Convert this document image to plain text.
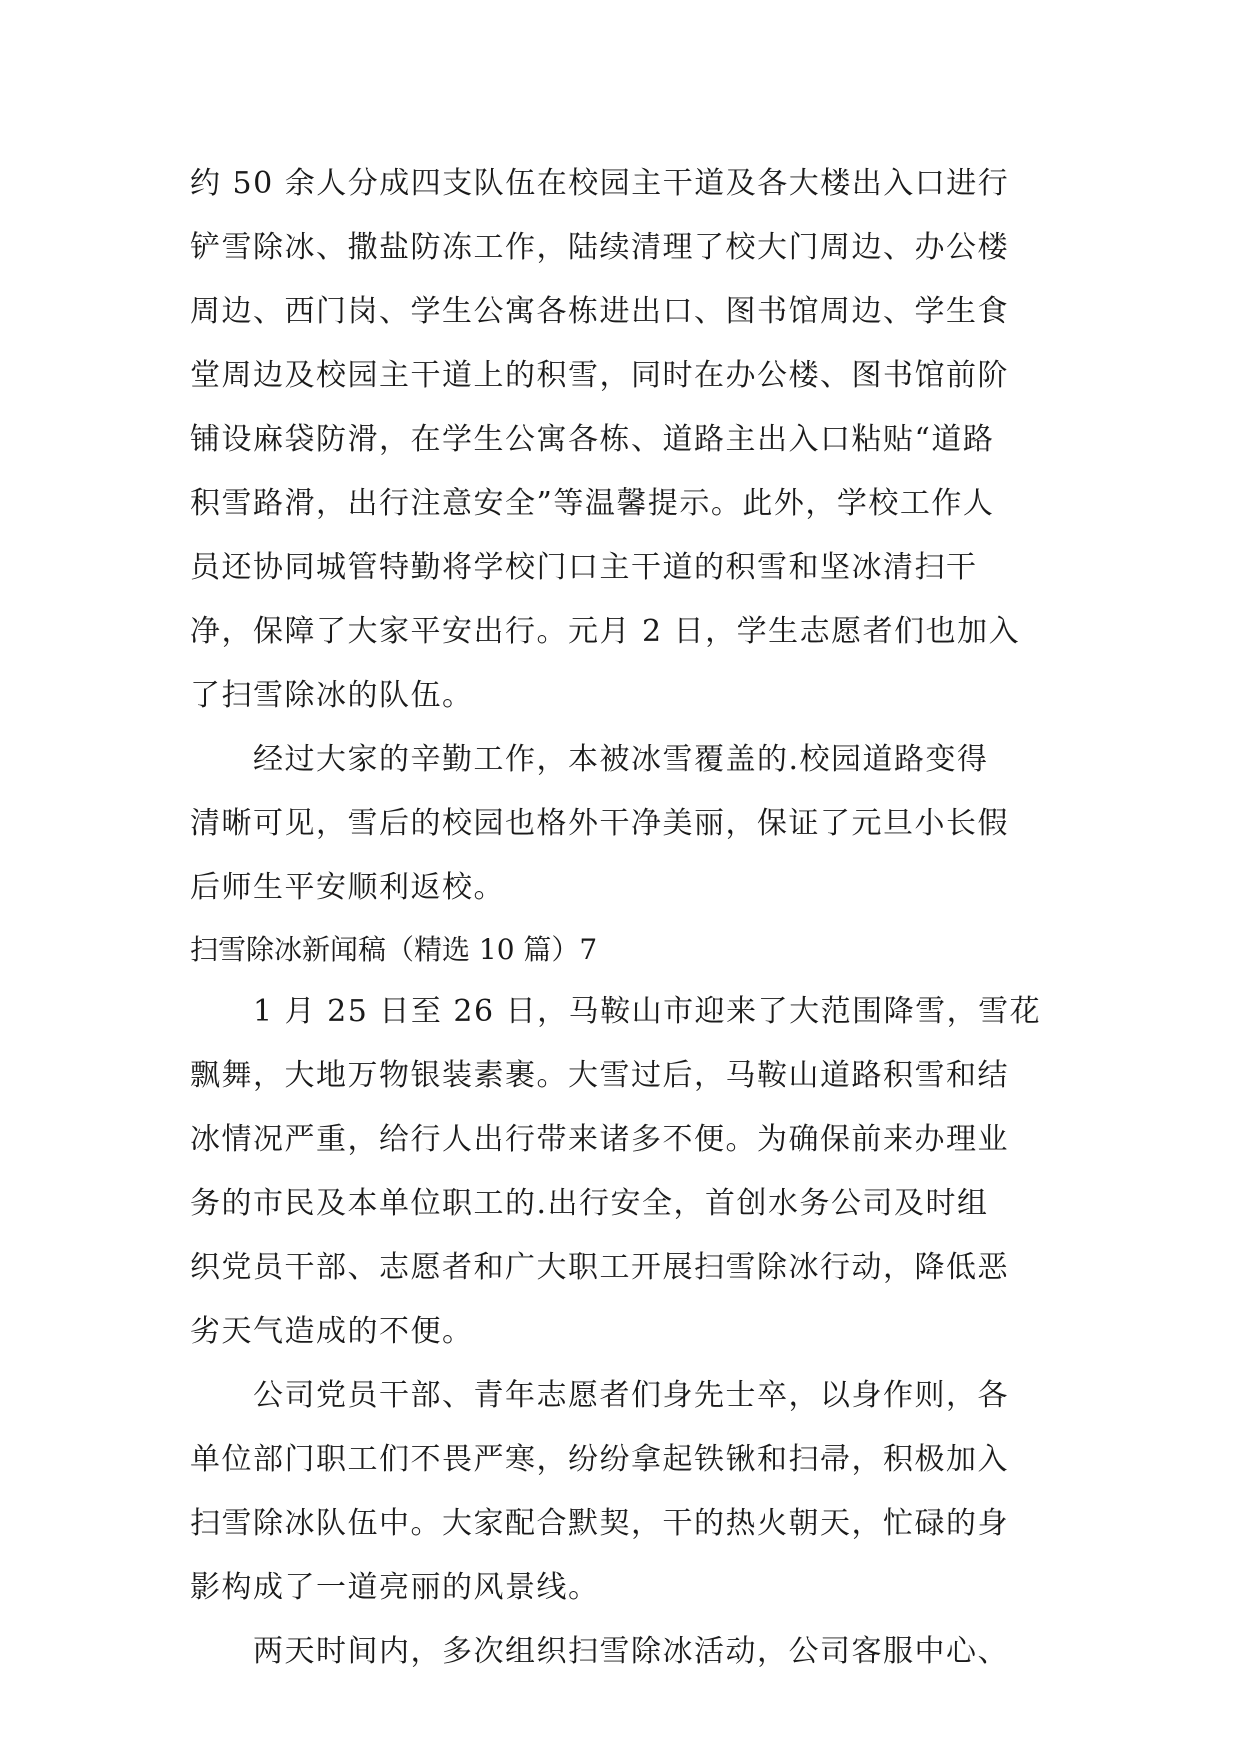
约 50 余人分成四支队伍在校园主干道及各大楼出入口进行
铲雪除冰、撒盐防冻工作，陆续清理了校大门周边、办公楼
周边、西门岗、学生公寓各栋进出口、图书馆周边、学生食
堂周边及校园主干道上的积雪，同时在办公楼、图书馆前阶
铺设麻袋防滑，在学生公寓各栋、道路主出入口粘贴“道路
积雪路滑，出行注意安全”等温馨提示。此外，学校工作人
员还协同城管特勤将学校门口主干道的积雪和坚冰清扫干
净，保障了大家平安出行。元月 2 日，学生志愿者们也加入
了扫雪除冰的队伍。

　　经过大家的辛勤工作，本被冰雪覆盖的.校园道路变得
清晰可见，雪后的校园也格外干净美丽，保证了元旦小长假
后师生平安顺利返校。

扫雪除冰新闻稿（精选 10 篇）7

　　1 月 25 日至 26 日，马鞍山市迎来了大范围降雪，雪花
飘舞，大地万物银装素裹。大雪过后，马鞍山道路积雪和结
冰情况严重，给行人出行带来诸多不便。为确保前来办理业
务的市民及本单位职工的.出行安全，首创水务公司及时组
织党员干部、志愿者和广大职工开展扫雪除冰行动，降低恶
劣天气造成的不便。

　　公司党员干部、青年志愿者们身先士卒，以身作则，各
单位部门职工们不畏严寒，纷纷拿起铁锹和扫帚，积极加入
扫雪除冰队伍中。大家配合默契，干的热火朝天，忙碌的身
影构成了一道亮丽的风景线。

　　两天时间内，多次组织扫雪除冰活动，公司客服中心、
